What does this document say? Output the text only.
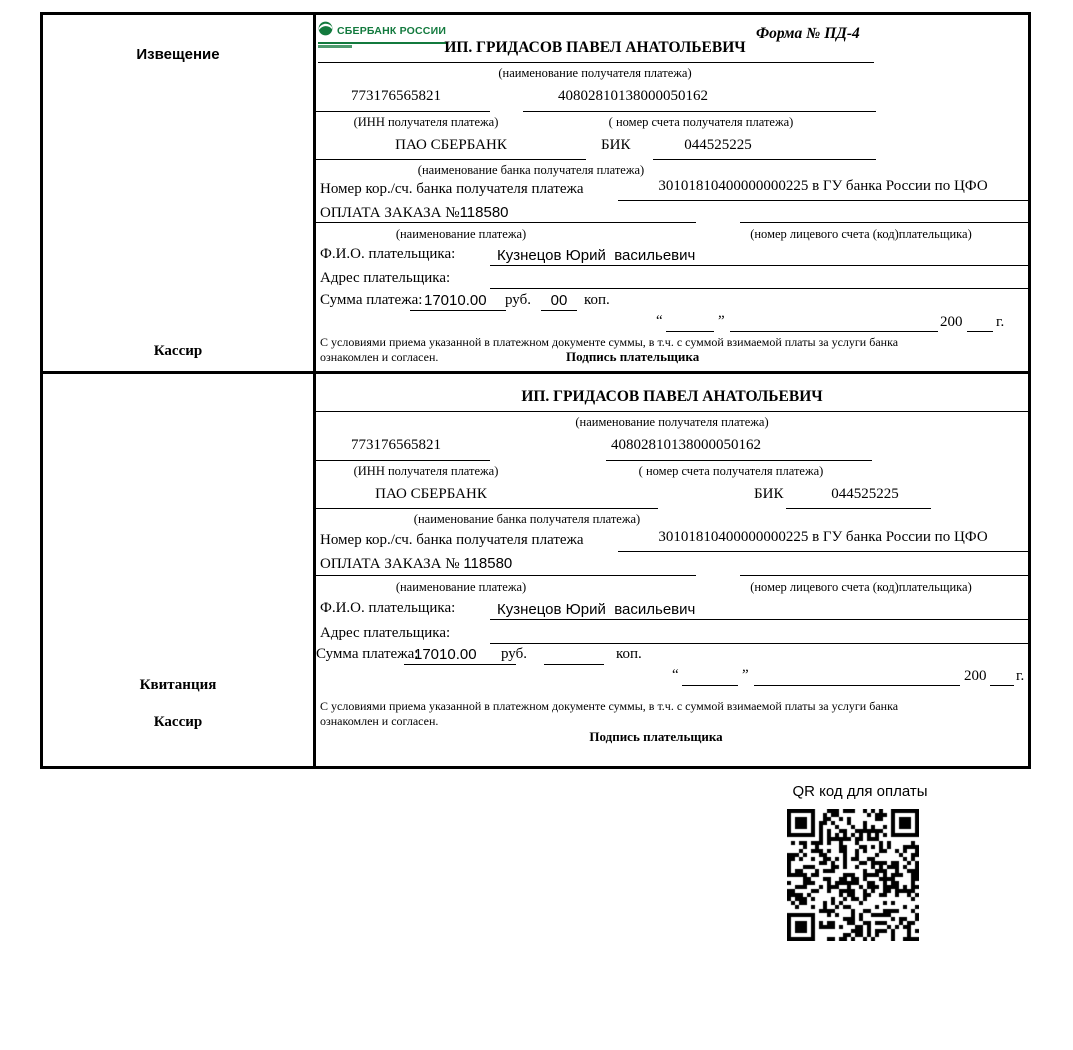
Извещение
Кассир
СБЕРБАНК РОССИИ	Форма № ПД-4
ИП. ГРИДАСОВ ПАВЕЛ АНАТОЛЬЕВИЧ
(наименование получателя платежа)
773176565821	40802810138000050162
(ИНН получателя платежа)	( номер счета получателя платежа)
ПАО СБЕРБАНК	БИК	044525225
(наименование банка получателя платежа)
Номер кор./сч. банка получателя платежа	30101810400000000225 в ГУ банка России по ЦФО
ОПЛАТА ЗАКАЗА №118580
(наименование платежа)	(номер лицевого счета (код)плательщика)
Ф.И.О. плательщика:	Кузнецов Юрий  васильевич
Адрес плательщика:
Сумма платежа: 17010.00 руб.	00	коп.
“	”	200 г.
С условиями приема указанной в платежном документе суммы, в т.ч. с суммой взимаемой платы за услуги банка
ознакомлен и согласен.	Подпись плательщика
Квитанция
Кассир
ИП. ГРИДАСОВ ПАВЕЛ АНАТОЛЬЕВИЧ
(наименование получателя платежа)
773176565821	40802810138000050162
(ИНН получателя платежа)	( номер счета получателя платежа)
ПАО СБЕРБАНК	БИК	044525225
(наименование банка получателя платежа)
Номер кор./сч. банка получателя платежа	30101810400000000225 в ГУ банка России по ЦФО
ОПЛАТА ЗАКАЗА № 118580
(наименование платежа)	(номер лицевого счета (код)плательщика)
Ф.И.О. плательщика:	Кузнецов Юрий  васильевич
Адрес плательщика:
Сумма платежа:
17010.00 руб.	коп.
“	”	200 г.
С условиями приема указанной в платежном документе суммы, в т.ч. с суммой взимаемой платы за услуги банка
ознакомлен и согласен.
Подпись плательщика
QR код для оплаты
